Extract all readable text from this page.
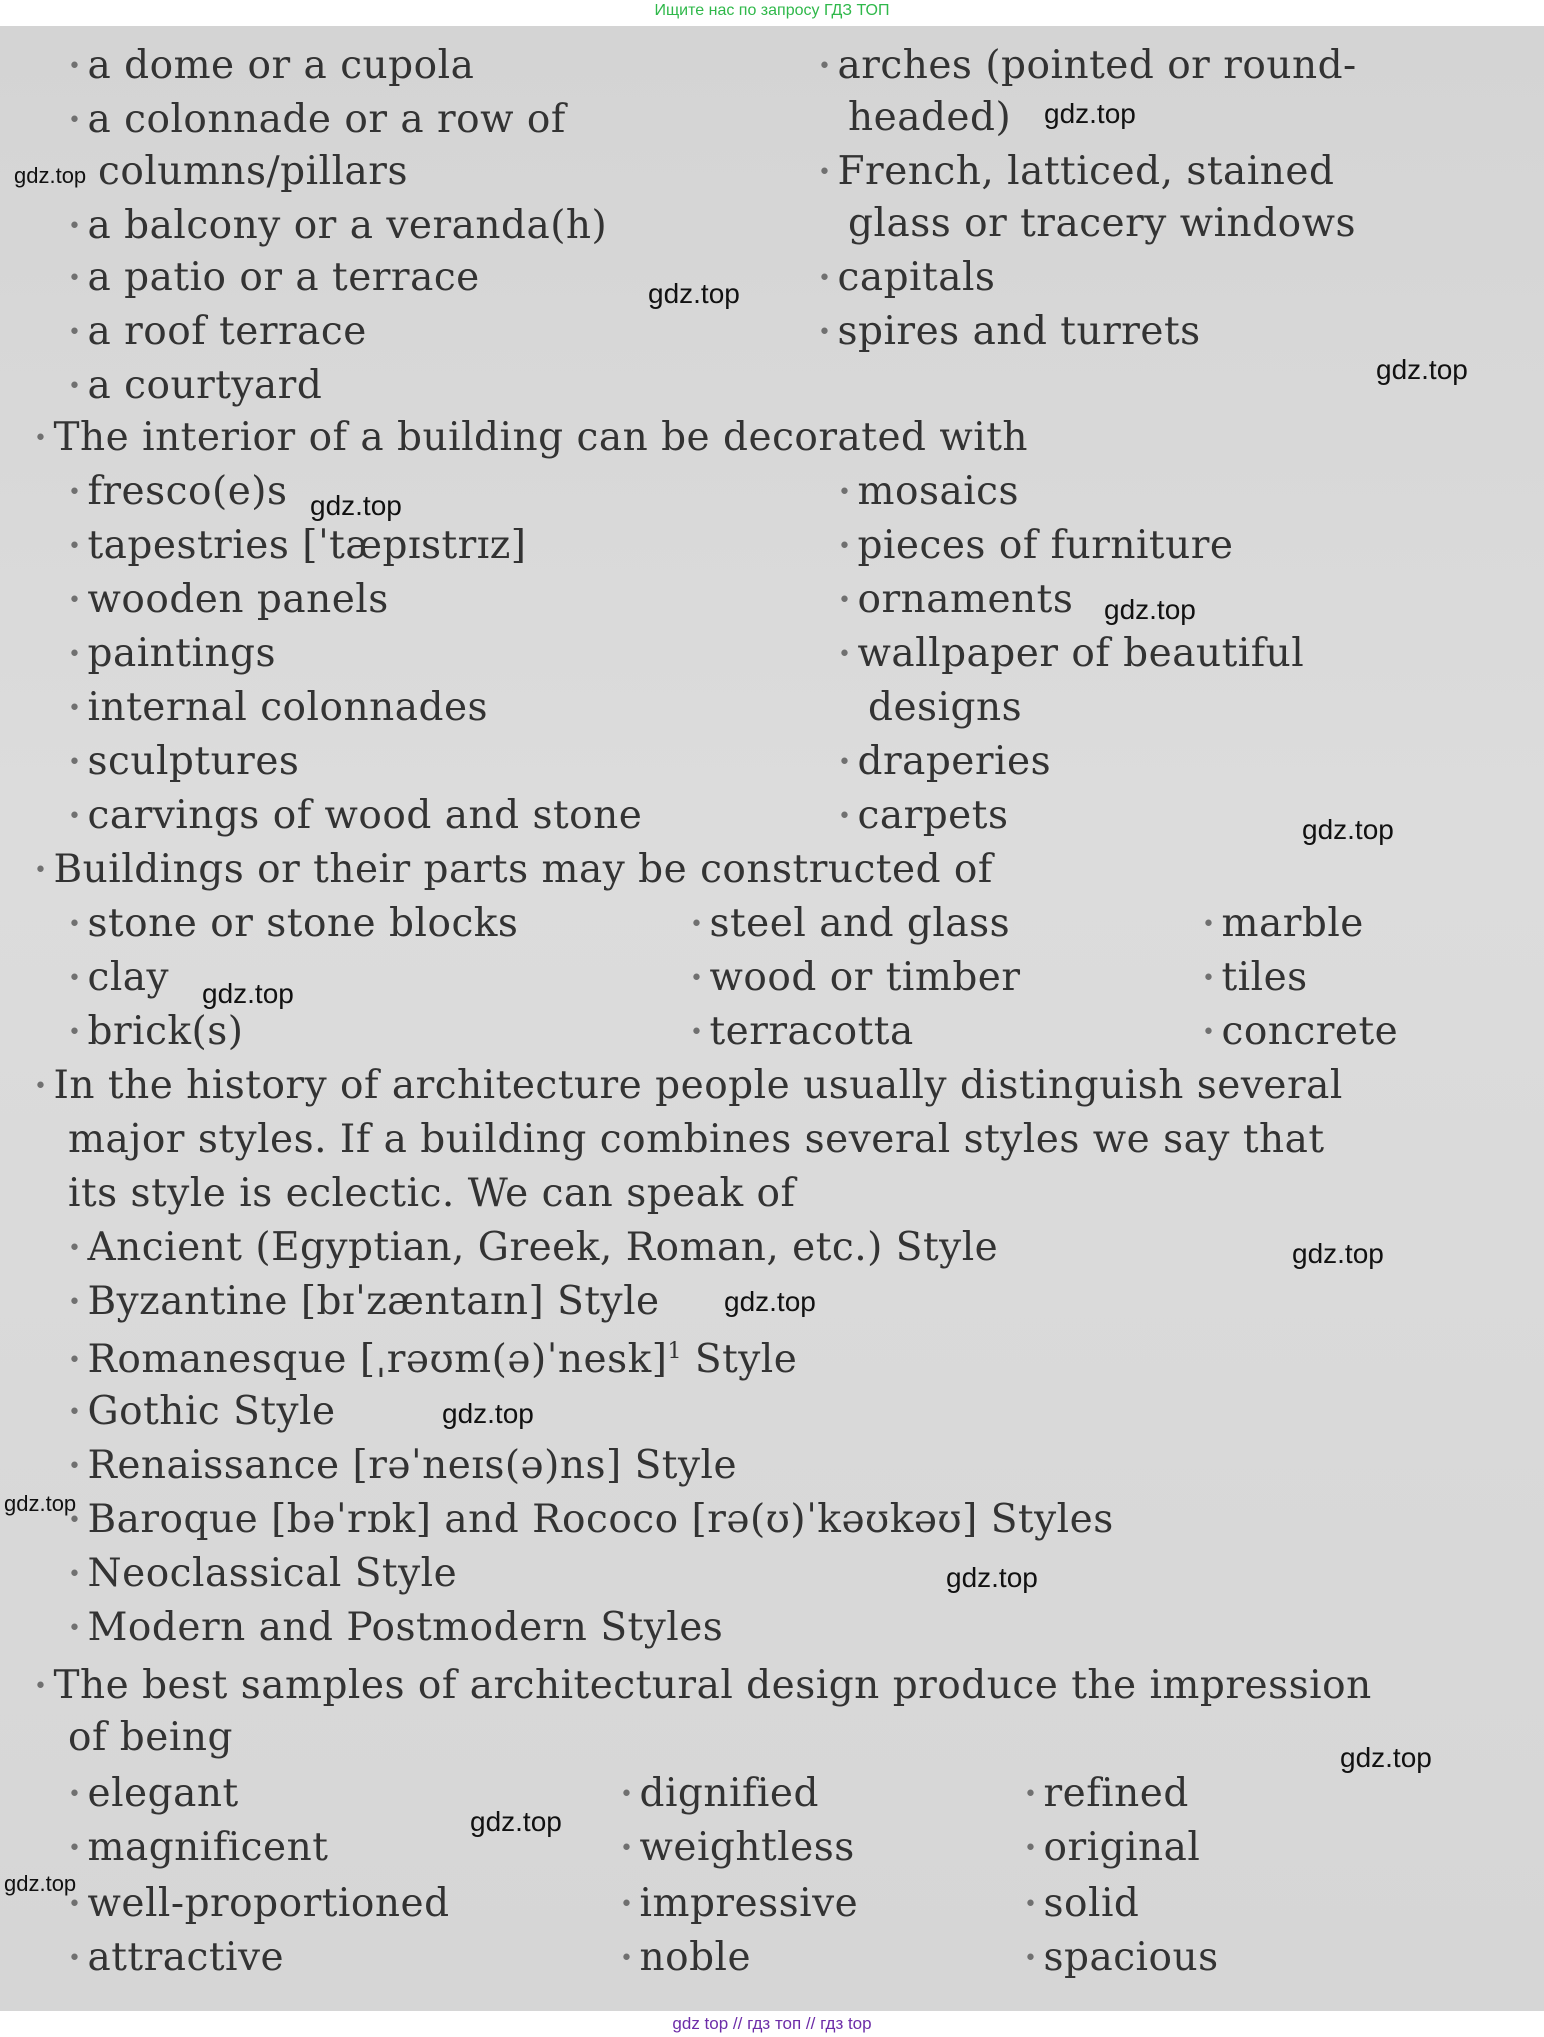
Ищите нас по запросу ГДЗ ТОП
• a dome or a cupola
• a colonnade or a row of
columns/pillars
• a balcony or a veranda(h)
• a patio or a terrace
• a roof terrace
• a courtyard
• arches (pointed or round-
headed)
• French, latticed, stained
glass or tracery windows
• capitals
• spires and turrets
• The interior of a building can be decorated with
• fresco(e)s
• tapestries [ˈtæpɪstrɪz]
• wooden panels
• paintings
• internal colonnades
• sculptures
• carvings of wood and stone
• mosaics
• pieces of furniture
• ornaments
• wallpaper of beautiful
designs
• draperies
• carpets
• Buildings or their parts may be constructed of
• stone or stone blocks
• clay
• brick(s)
• steel and glass
• wood or timber
• terracotta
• marble
• tiles
• concrete
• In the history of architecture people usually distinguish several
major styles. If a building combines several styles we say that
its style is eclectic. We can speak of
• Ancient (Egyptian, Greek, Roman, etc.) Style
• Byzantine [bɪˈzæntaɪn] Style
• Romanesque [ˌrəʊm(ə)ˈnesk]$^1$ Style
• Gothic Style
• Renaissance [rəˈneɪs(ə)ns] Style
• Baroque [bəˈrɒk] and Rococo [rə(ʊ)ˈkəʊkəʊ] Styles
• Neoclassical Style
• Modern and Postmodern Styles
• The best samples of architectural design produce the impression
of being
• elegant
• magnificent
• well-proportioned
• attractive
• dignified
• weightless
• impressive
• noble
• refined
• original
• solid
• spacious
gdz.top
gdz.top
gdz.top
gdz.top
gdz.top
gdz.top
gdz.top
gdz.top
gdz.top
gdz.top
gdz.top
gdz.top
gdz.top
gdz.top
gdz.top
gdz.top
gdz top // гдз топ // гдз top
